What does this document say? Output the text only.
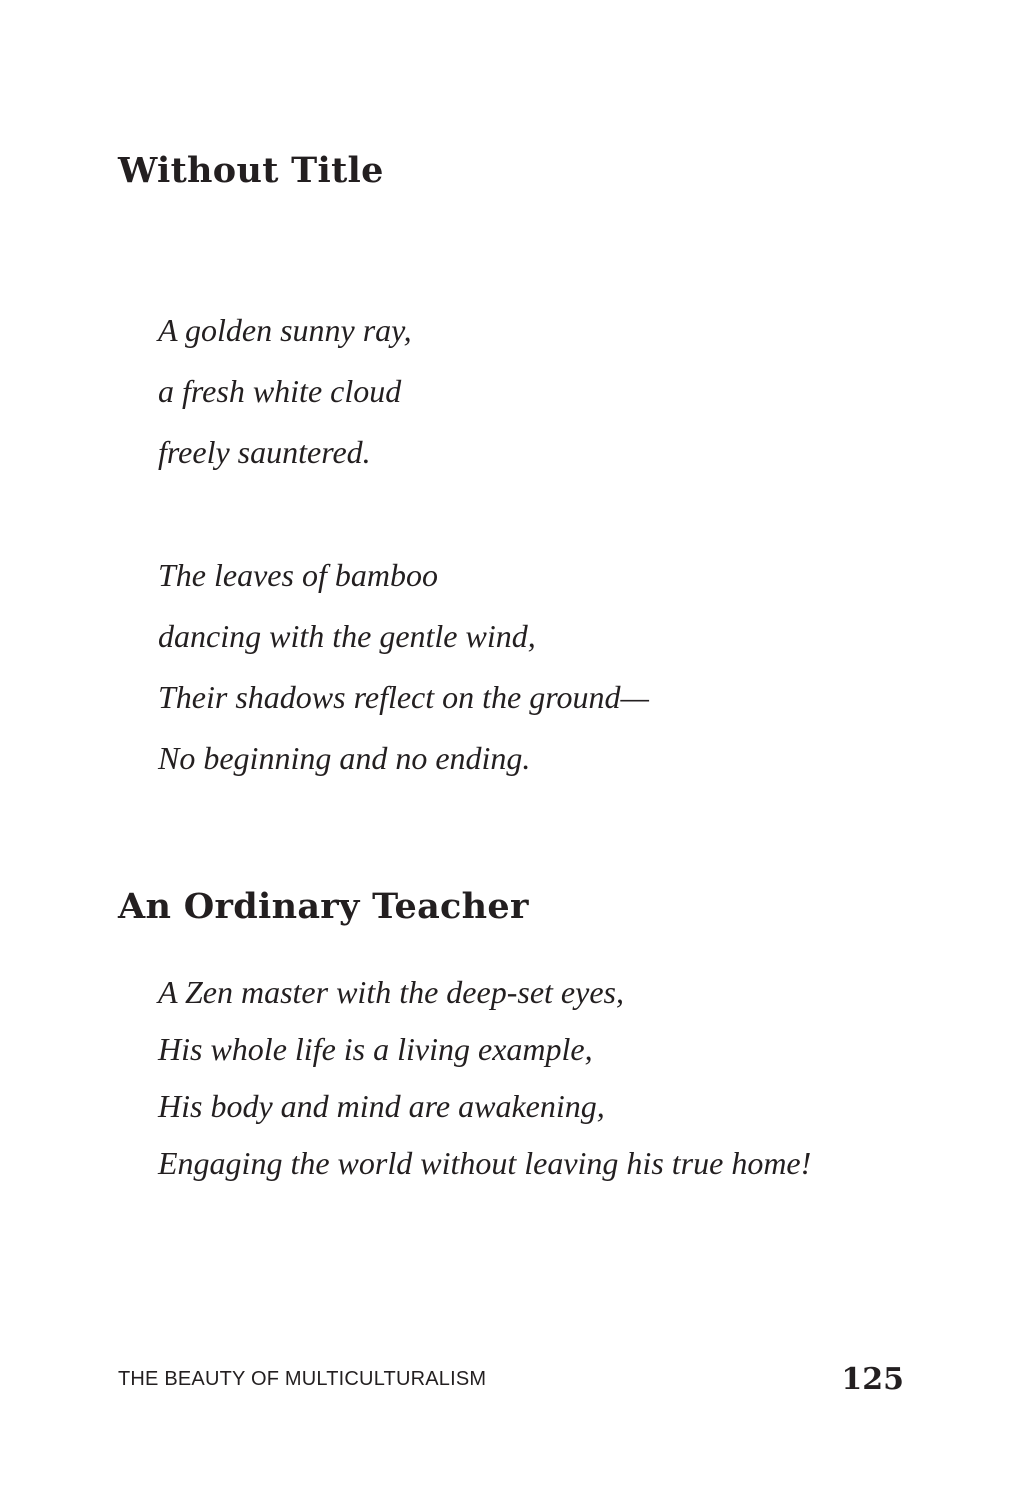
Without Title
A golden sunny ray,
a fresh white cloud
freely sauntered.
The leaves of bamboo
dancing with the gentle wind,
Their shadows reflect on the ground—
No beginning and no ending.
An Ordinary Teacher
A Zen master with the deep-set eyes,
His whole life is a living example,
His body and mind are awakening,
Engaging the world without leaving his true home!
THE BEAUTY OF MULTICULTURALISM	125
